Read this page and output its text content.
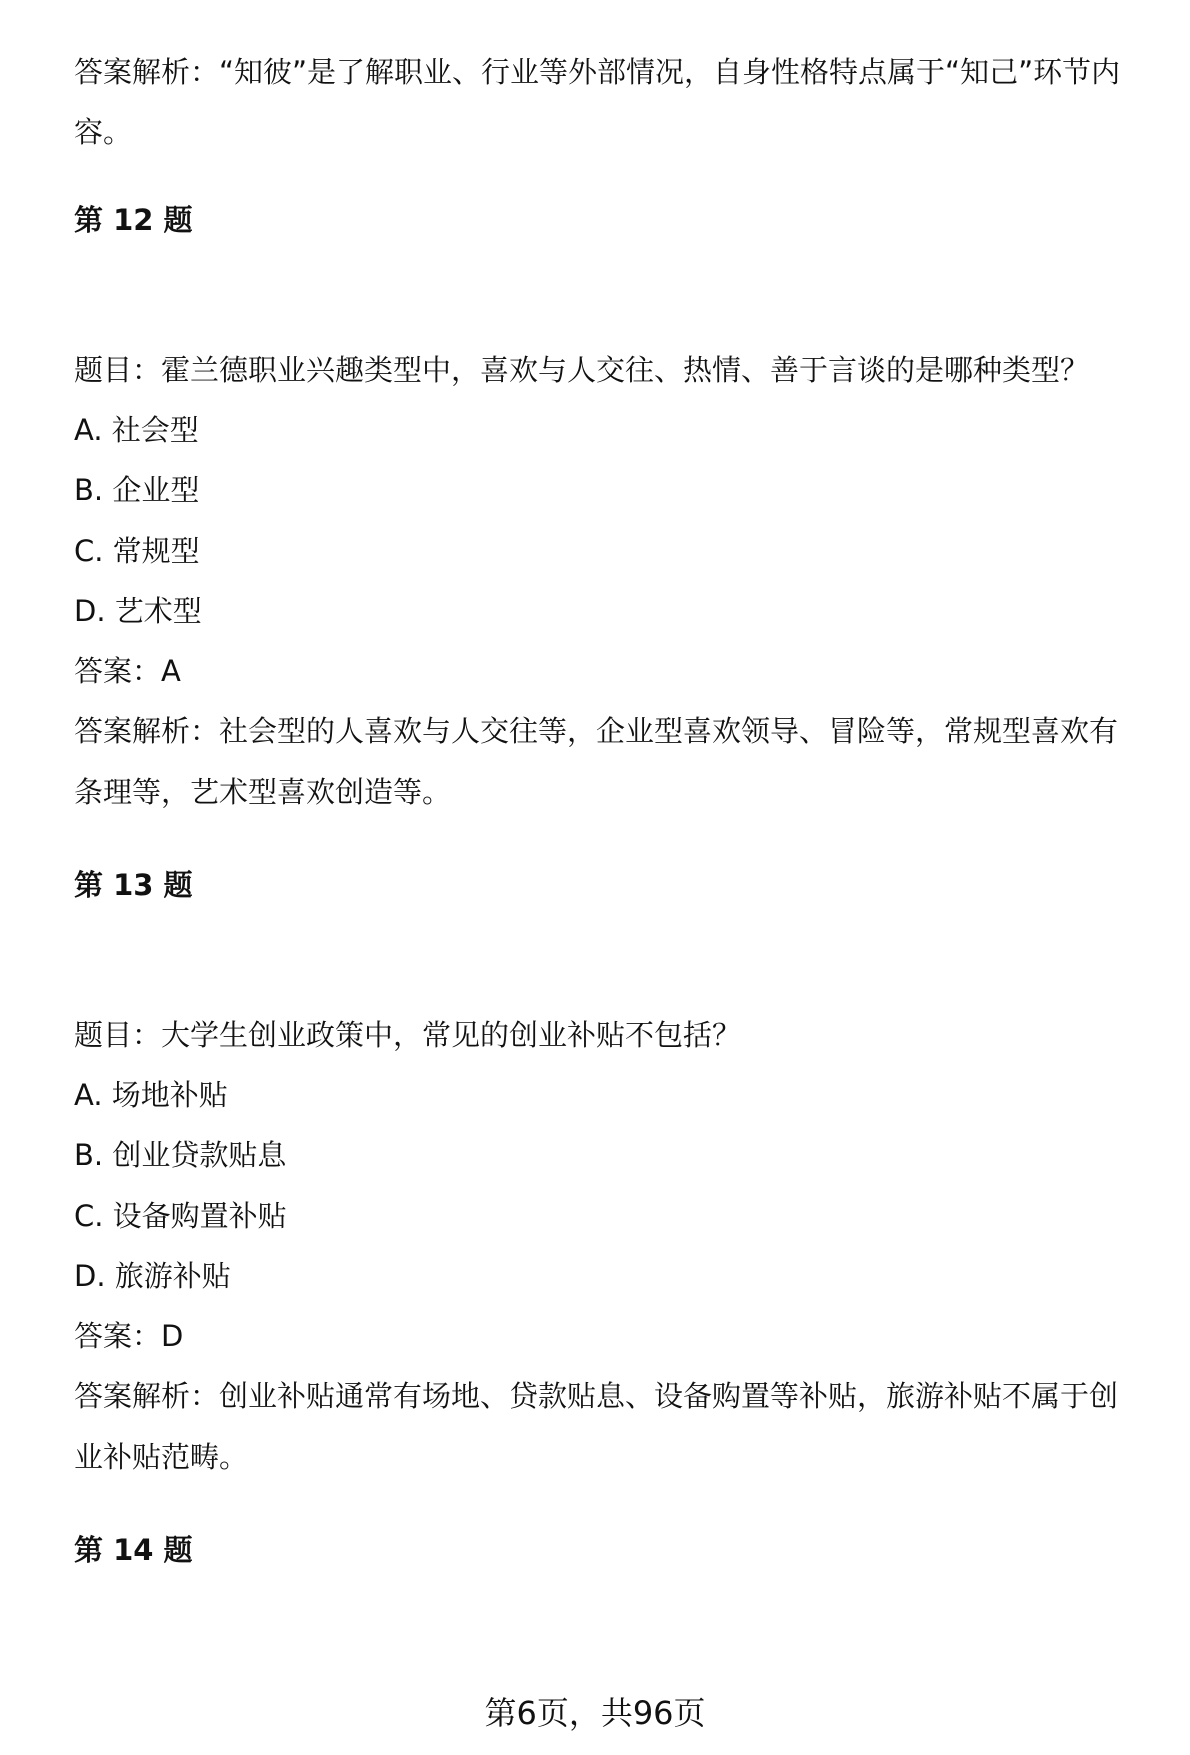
答案解析：“知彼”是了解职业、行业等外部情况，自身性格特点属于“知己”环节内
容。
第 12 题
题目：霍兰德职业兴趣类型中，喜欢与人交往、热情、善于言谈的是哪种类型？
A. 社会型
B. 企业型
C. 常规型
D. 艺术型
答案：A
答案解析：社会型的人喜欢与人交往等，企业型喜欢领导、冒险等，常规型喜欢有
条理等，艺术型喜欢创造等。
第 13 题
题目：大学生创业政策中，常见的创业补贴不包括？
A. 场地补贴
B. 创业贷款贴息
C. 设备购置补贴
D. 旅游补贴
答案：D
答案解析：创业补贴通常有场地、贷款贴息、设备购置等补贴，旅游补贴不属于创
业补贴范畴。
第 14 题
第6页，共96页
